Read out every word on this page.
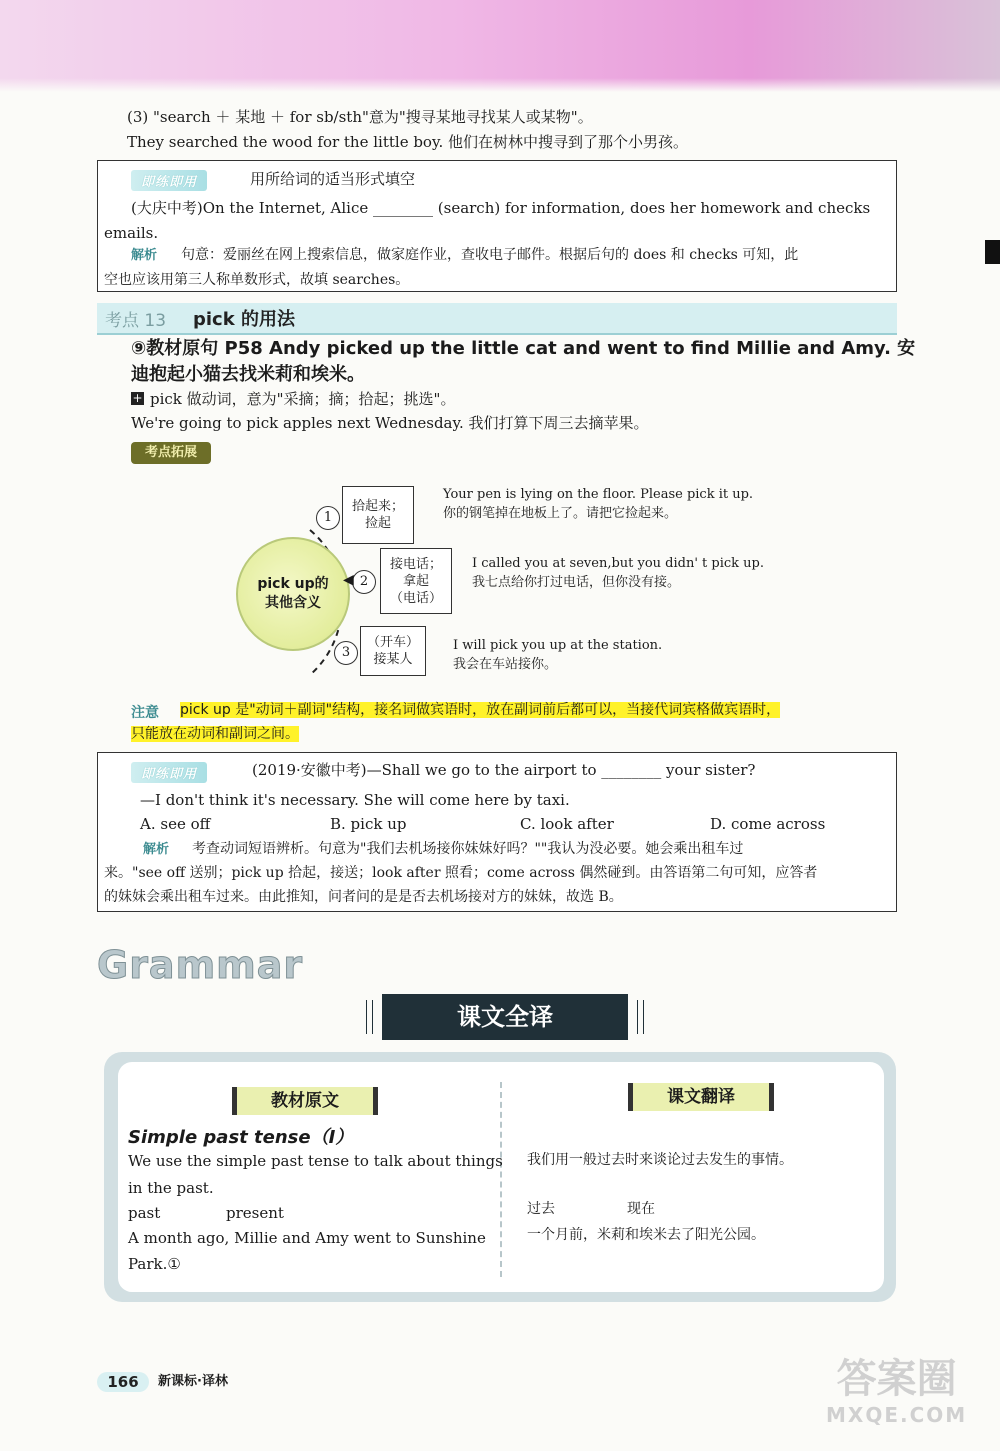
(3) "search ＋ 某地 ＋ for sb/sth"意为"搜寻某地寻找某人或某物"。
They searched the wood for the little boy. 他们在树林中搜寻到了那个小男孩。
即练即用	用所给词的适当形式填空
(大庆中考)On the Internet, Alice ________ (search) for information, does her homework and checks
emails.
解析 句意：爱丽丝在网上搜索信息，做家庭作业，查收电子邮件。根据后句的 does 和 checks 可知，此
空也应该用第三人称单数形式，故填 searches。
考点 13 pick 的用法
⑨教材原句 P58 Andy picked up the little cat and went to find Millie and Amy. 安
迪抱起小猫去找米莉和埃米。
+ pick 做动词，意为"采摘；摘；拾起；挑选"。
We're going to pick apples next Wednesday. 我们打算下周三去摘苹果。
考点拓展
pick up的
其他含义
1
拾起来；
捡起
Your pen is lying on the floor. Please pick it up.
你的钢笔掉在地板上了。请把它捡起来。
2
◀
接电话；
拿起
（电话）
I called you at seven,but you didn' t pick up.
我七点给你打过电话，但你没有接。
3
（开车）
接某人
I will pick you up at the station.
我会在车站接你。
注意 pick up 是"动词＋副词"结构，接名词做宾语时，放在副词前后都可以，当接代词宾格做宾语时，
只能放在动词和副词之间。
即练即用	(2019·安徽中考)—Shall we go to the airport to ________ your sister?
—I don't think it's necessary. She will come here by taxi.
A. see off	B. pick up	C. look after	D. come across
解析 考查动词短语辨析。句意为"我们去机场接你妹妹好吗？""我认为没必要。她会乘出租车过
来。"see off 送别；pick up 拾起，接送；look after 照看；come across 偶然碰到。由答语第二句可知，应答者
的妹妹会乘出租车过来。由此推知，问者问的是是否去机场接对方的妹妹，故选 B。
Grammar
课文全译
教材原文	课文翻译
Simple past tense（Ⅰ）
We use the simple past tense to talk about things
in the past.
past	present
A month ago, Millie and Amy went to Sunshine
Park.①
我们用一般过去时来谈论过去发生的事情。
过去	现在
一个月前，米莉和埃米去了阳光公园。
166	新课标·译林	答案圈
MXQE.COM
